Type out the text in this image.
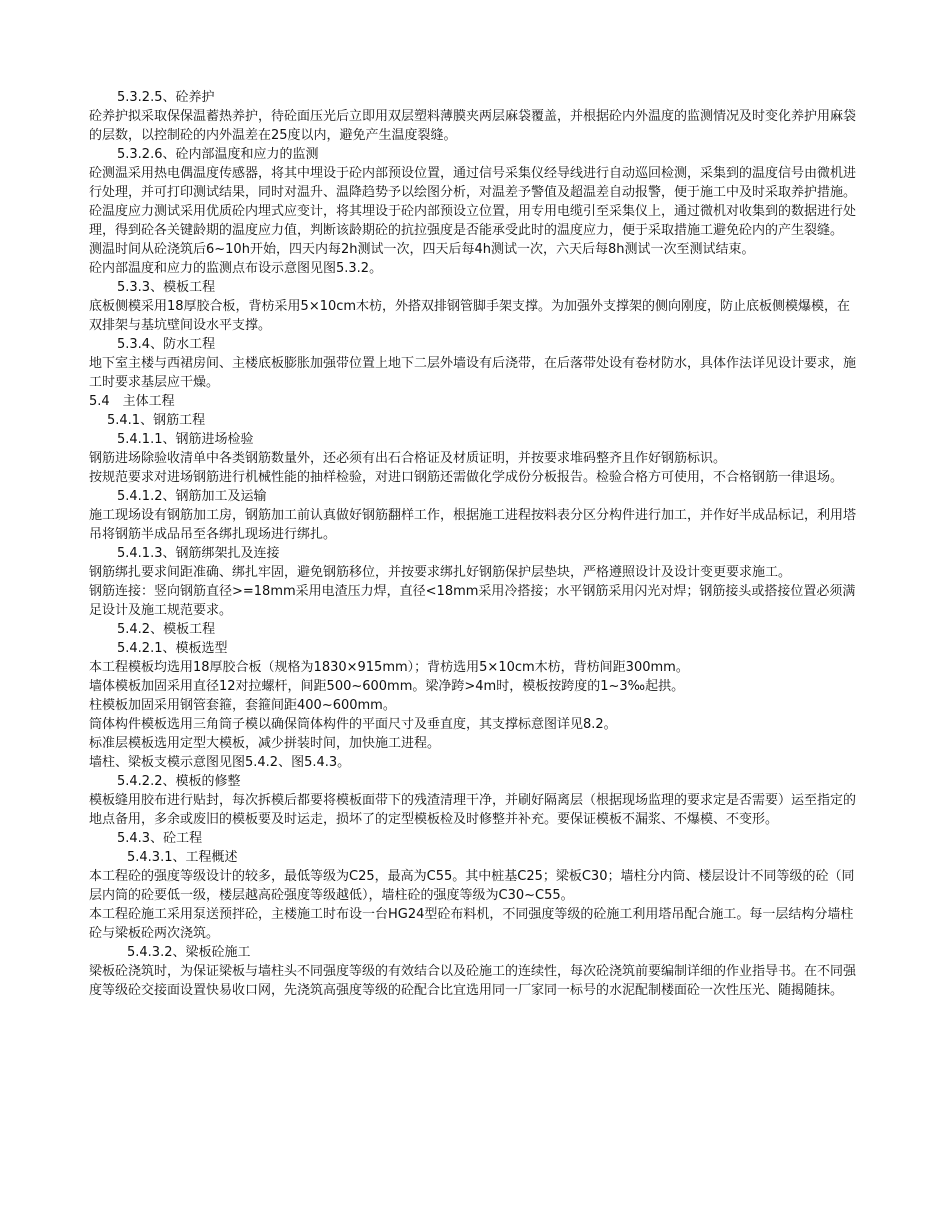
5.3.2.5、砼养护
砼养护拟采取保保温蓄热养护，待砼面压光后立即用双层塑料薄膜夹两层麻袋覆盖，并根据砼内外温度的监测情况及时变化养护用麻袋的层数，以控制砼的内外温差在25度以内，避免产生温度裂缝。
5.3.2.6、砼内部温度和应力的监测
砼测温采用热电偶温度传感器，将其中埋设于砼内部预设位置，通过信号采集仪经导线进行自动巡回检测，采集到的温度信号由微机进行处理，并可打印测试结果，同时对温升、温降趋势予以绘图分析，对温差予警值及超温差自动报警，便于施工中及时采取养护措施。
砼温度应力测试采用优质砼内埋式应变计，将其埋设于砼内部预设立位置，用专用电缆引至采集仪上，通过微机对收集到的数据进行处理，得到砼各关键龄期的温度应力值，判断该龄期砼的抗拉强度是否能承受此时的温度应力，便于采取措施工避免砼内的产生裂缝。
测温时间从砼浇筑后6~10h开始，四天内每2h测试一次，四天后每4h测试一次，六天后每8h测试一次至测试结束。
砼内部温度和应力的监测点布设示意图见图5.3.2。
5.3.3、模板工程
底板侧模采用18厚胶合板，背枋采用5×10cm木枋，外搭双排钢管脚手架支撑。为加强外支撑架的侧向刚度，防止底板侧模爆模，在双排架与基坑壁间设水平支撑。
5.3.4、防水工程
地下室主楼与西裙房间、主楼底板膨胀加强带位置上地下二层外墙设有后浇带，在后落带处设有卷材防水，具体作法详见设计要求，施工时要求基层应干燥。
5.4　主体工程
5.4.1、钢筋工程
5.4.1.1、钢筋进场检验
钢筋进场除验收清单中各类钢筋数量外，还必须有出石合格证及材质证明，并按要求堆码整齐且作好钢筋标识。
按规范要求对进场钢筋进行机械性能的抽样检验，对进口钢筋还需做化学成份分板报告。检验合格方可使用，不合格钢筋一律退场。
5.4.1.2、钢筋加工及运输
施工现场设有钢筋加工房，钢筋加工前认真做好钢筋翻样工作，根据施工进程按料表分区分构件进行加工，并作好半成品标记，利用塔吊将钢筋半成品吊至各绑扎现场进行绑扎。
5.4.1.3、钢筋绑架扎及连接
钢筋绑扎要求间距准确、绑扎牢固，避免钢筋移位，并按要求绑扎好钢筋保护层垫块，严格遵照设计及设计变更要求施工。
钢筋连接：竖向钢筋直径>=18mm采用电渣压力焊，直径<18mm采用冷搭接；水平钢筋采用闪光对焊；钢筋接头或搭接位置必须满足设计及施工规范要求。
5.4.2、模板工程
5.4.2.1、模板选型
本工程模板均选用18厚胶合板（规格为1830×915mm）；背枋选用5×10cm木枋，背枋间距300mm。
墙体模板加固采用直径12对拉螺杆，间距500~600mm。梁净跨>4m时，模板按跨度的1~3‰起拱。
柱模板加固采用钢管套箍，套箍间距400~600mm。
筒体构件模板选用三角筒子模以确保筒体构件的平面尺寸及垂直度，其支撑标意图详见8.2。
标准层模板选用定型大模板，减少拼装时间，加快施工进程。
墙柱、梁板支模示意图见图5.4.2、图5.4.3。
5.4.2.2、模板的修整
模板缝用胶布进行贴封，每次拆模后都要将模板面带下的残渣清理干净，并刷好隔离层（根据现场监理的要求定是否需要）运至指定的地点备用，多余或废旧的模板要及时运走，损坏了的定型模板检及时修整并补充。要保证模板不漏浆、不爆模、不变形。
5.4.3、砼工程
5.4.3.1、工程概述
本工程砼的强度等级设计的较多，最低等级为C25，最高为C55。其中桩基C25；梁板C30；墙柱分内筒、楼层设计不同等级的砼（同层内筒的砼要低一级，楼层越高砼强度等级越低），墙柱砼的强度等级为C30~C55。
本工程砼施工采用泵送预拌砼，主楼施工时布设一台HG24型砼布料机，不同强度等级的砼施工利用塔吊配合施工。每一层结构分墙柱砼与梁板砼两次浇筑。
5.4.3.2、梁板砼施工
梁板砼浇筑时，为保证梁板与墙柱头不同强度等级的有效结合以及砼施工的连续性，每次砼浇筑前要编制详细的作业指导书。在不同强度等级砼交接面设置快易收口网，先浇筑高强度等级的砼配合比宜选用同一厂家同一标号的水泥配制楼面砼一次性压光、随揭随抹。
